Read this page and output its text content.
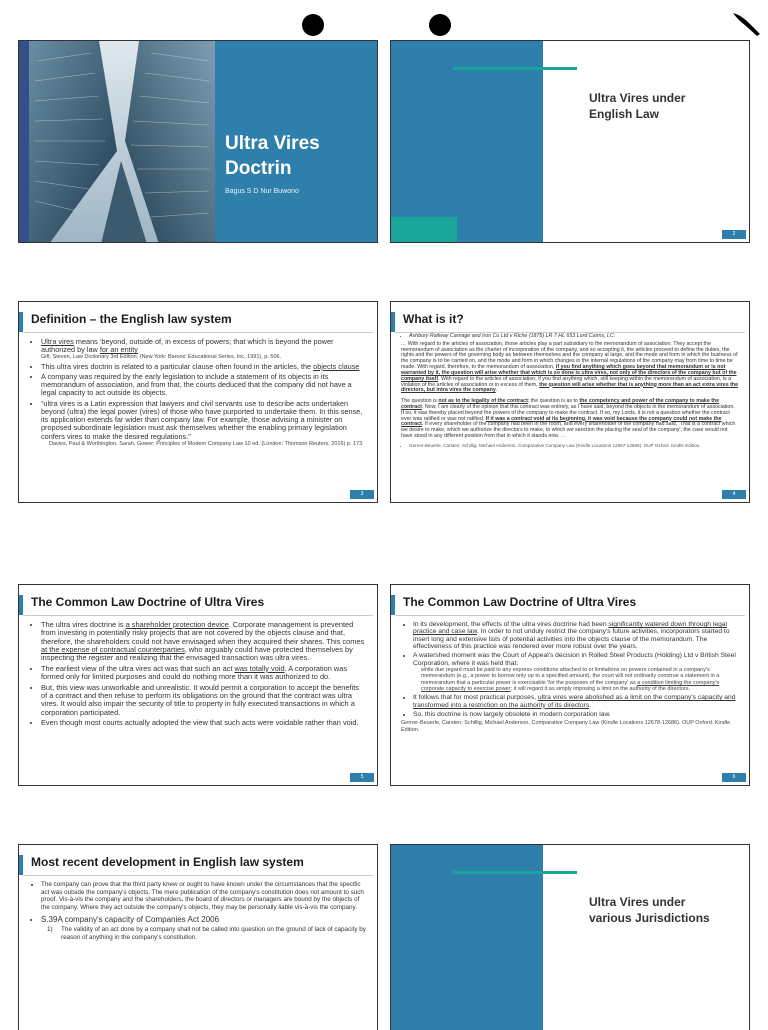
Ultra Vires
Doctrin
Bagus S D Nur Buwono
Ultra Vires under English Law
2
Definition – the English law system
• Ultra vires means ‘beyond, outside of, in excess of powers; that which is beyond the power authorized by law for an entity
Gift, Steven, Law Dictionary 3rd Edition, (New York: Barons' Educational Series, Inc, 1991), p. 506.
• This ultra vires doctrin is related to a particular clause often found in the articles, the objects clause
• A company was required by the early legislation to include a statement of its objects in its memorandum of association, and from that, the courts deduced that the company did not have a legal capacity to act outside its objects.
• “ultra vires is a Latin expression that lawyers and civil servants use to describe acts undertaken beyond (ultra) the legal power (vires) of those who have purported to undertake them. In this sense, its application extends far wider than company law. For example, those advising a minister on proposed subordinate legislation must ask themselves whether the enabling primary legislation confers vires to make the desired regulations.”
Davies, Paul & Worthington, Sarah, Gower: Principles of Modern Company Law 10 ed. (London: Thomson Reuters, 2016) p. 173.
3
What is it?
• Ashbury Railway Carriage and Iron Co Ltd v Riche (1875) LR 7 HL 653 Lord Cairns, LC:
… With regard to the articles of association, those articles play a part subsidiary to the memorandum of association. They accept the memorandum of association as the charter of incorporation of the company, and so accepting it, the articles proceed to define the duties, the rights and the powers of the governing body as between themselves and the company at large, and the mode and form in which the business of the company is to be carried on, and the mode and form in which changes in the internal regulations of the company may from time to time be made. With regard, therefore, to the memorandum of association, if you find anything which goes beyond that memorandum or is not warranted by it, the question will arise whether that which is so done is ultra vires, not only of the directors of the company but of the company itself. With regard to the articles of association, if you find anything which, still keeping within the memorandum of association, is a violation of the articles of association or in excess of them, the question will arise whether that is anything more than an act extra vires the directors, but intra vires the company.
The question is not as to the legality of the contract; the question is as to the competency and power of the company to make the contract. Now, I am clearly of the opinion that this contract was entirely, as I have said, beyond the objects in the memorandum of association. If so, it was thereby placed beyond the powers of the company to make the contract. If so, my Lords, it is not a question whether the contract ever was ratified or was not ratified. If it was a contract void at its beginning, it was void because the company could not make the contract. If every shareholder of the company had been in the room, and every shareholder of the company had said, 'That is a contract which we desire to make, which we authorize the directors to make, to which we sanction the placing the seal of the company', the case would not have stood in any different position from that in which it stands now. …
• Gerner-Beuerle, Carsten; Schillig, Michael Anderson. Comparative Company Law (Kindle Locations 12667-12668). OUP Oxford. Kindle Edition.
4
The Common Law Doctrine of Ultra Vires
• The ultra vires doctrine is a shareholder protection device. Corporate management is prevented from investing in potentially risky projects that are not covered by the objects clause and that, therefore, the shareholders could not have envisaged when they acquired their shares. This comes at the expense of contractual counterparties, who arguably could have protected themselves by inspecting the register and realizing that the envisaged transaction was ultra vires.
• The earliest view of the ultra vires act was that such an act was totally void. A corporation was formed only for limited purposes and could do nothing more than it was authorized to do.
• But, this view was unworkable and unrealistic. It would permit a corporation to accept the benefits of a contract and then refuse to perform its obligations on the ground that the contract was ultra vires. It would also impair the security of title to property in fully executed transactions in which a corporation participated.
• Even though most courts actually adopted the view that such acts were voidable rather than void.
5
The Common Law Doctrine of Ultra Vires
• In its development, the effects of the ultra vires doctrine had been significantly watered down through legal practice and case law. In order to not unduly restrict the company's future activities, incorporators started to insert long and extensive lists of potential activities into the objects clause of the memorandum. The effectiveness of this practice was rendered ever more robust over the years.
• A watershed moment was the Court of Appeal's decision in Rolled Steel Products (Holding) Ltd v British Steel Corporation, where it was held that:
while due regard must be paid to any express conditions attached to or limitations on powers contained in a company's memorandum (e.g., a power to borrow only up to a specified amount), the court will not ordinarily construe a statement in a memorandum that a particular power is exercisable 'for the purposes of the company' as a condition limiting the company's corporate capacity to exercise power; it will regard it as simply imposing a limit on the authority of the directors.
• It follows that for most practical purposes, ultra vires were abolished as a limit on the company's capacity and transformed into a restriction on the authority of its directors.
• So, this doctrine is now largely obsolete in modern corporation law.
Gerner-Beuerle, Carsten; Schillig, Michael Anderson. Comparative Company Law (Kindle Locations 12678-12686). OUP Oxford. Kindle Edition.
6
Most recent development in English law system
• The company can prove that the third party knew or ought to have known under the circumstances that the specific act was outside the company's objects. The mere publication of the company's constitution does not amount to such proof. Vis-à-vis the company and the shareholders, the board of directors or managers are bound by the objects of the company. Where they act outside the company's objects, they may be personally liable vis-à-vis the company.
• S.39A company's capacity of Companies Act 2006
1)	The validity of an act done by a company shall not be called into question on the ground of lack of capacity by reason of anything in the company's constitution.
Ultra Vires under various Jurisdictions
